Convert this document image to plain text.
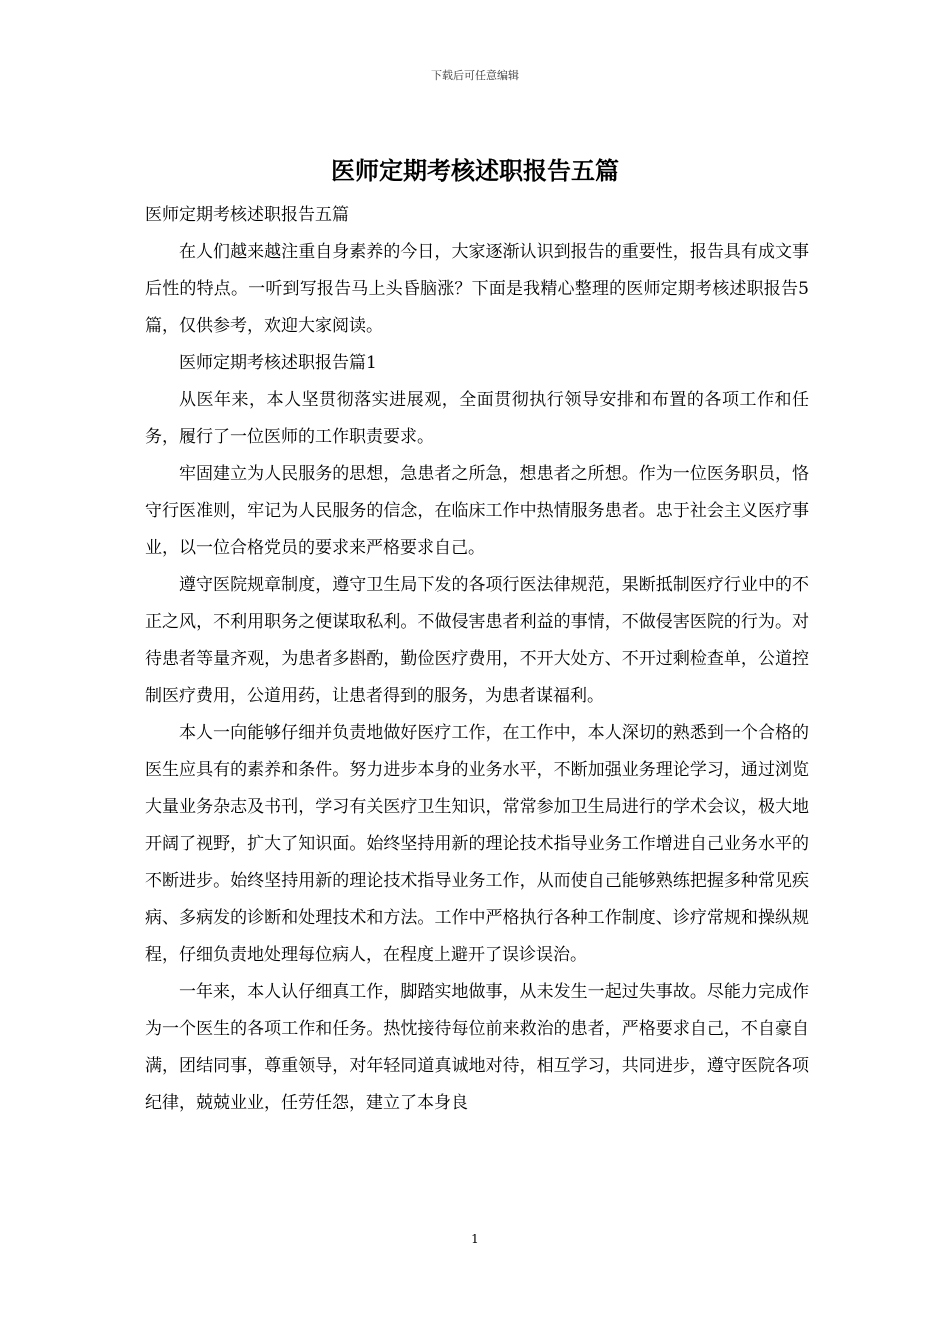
下载后可任意编辑
医师定期考核述职报告五篇

医师定期考核述职报告五篇

在人们越来越注重自身素养的今日，大家逐渐认识到报告的重要性，报告具有成文事后性的特点。一听到写报告马上头昏脑涨？下面是我精心整理的医师定期考核述职报告5篇，仅供参考，欢迎大家阅读。

医师定期考核述职报告篇1

从医年来，本人坚贯彻落实进展观，全面贯彻执行领导安排和布置的各项工作和任务，履行了一位医师的工作职责要求。

牢固建立为人民服务的思想，急患者之所急，想患者之所想。作为一位医务职员，恪守行医准则，牢记为人民服务的信念，在临床工作中热情服务患者。忠于社会主义医疗事业，以一位合格党员的要求来严格要求自己。

遵守医院规章制度，遵守卫生局下发的各项行医法律规范，果断抵制医疗行业中的不正之风，不利用职务之便谋取私利。不做侵害患者利益的事情，不做侵害医院的行为。对待患者等量齐观，为患者多斟酌，勤俭医疗费用，不开大处方、不开过剩检查单，公道控制医疗费用，公道用药，让患者得到的服务，为患者谋福利。

本人一向能够仔细并负责地做好医疗工作，在工作中，本人深切的熟悉到一个合格的医生应具有的素养和条件。努力进步本身的业务水平，不断加强业务理论学习，通过浏览大量业务杂志及书刊，学习有关医疗卫生知识，常常参加卫生局进行的学术会议，极大地开阔了视野，扩大了知识面。始终坚持用新的理论技术指导业务工作增进自己业务水平的不断进步。始终坚持用新的理论技术指导业务工作，从而使自己能够熟练把握多种常见疾病、多病发的诊断和处理技术和方法。工作中严格执行各种工作制度、诊疗常规和操纵规程，仔细负责地处理每位病人，在程度上避开了误诊误治。

一年来，本人认仔细真工作，脚踏实地做事，从未发生一起过失事故。尽能力完成作为一个医生的各项工作和任务。热忱接待每位前来救治的患者，严格要求自己，不自豪自满，团结同事，尊重领导，对年轻同道真诚地对待，相互学习，共同进步，遵守医院各项纪律，兢兢业业，任劳任怨，建立了本身良

1
